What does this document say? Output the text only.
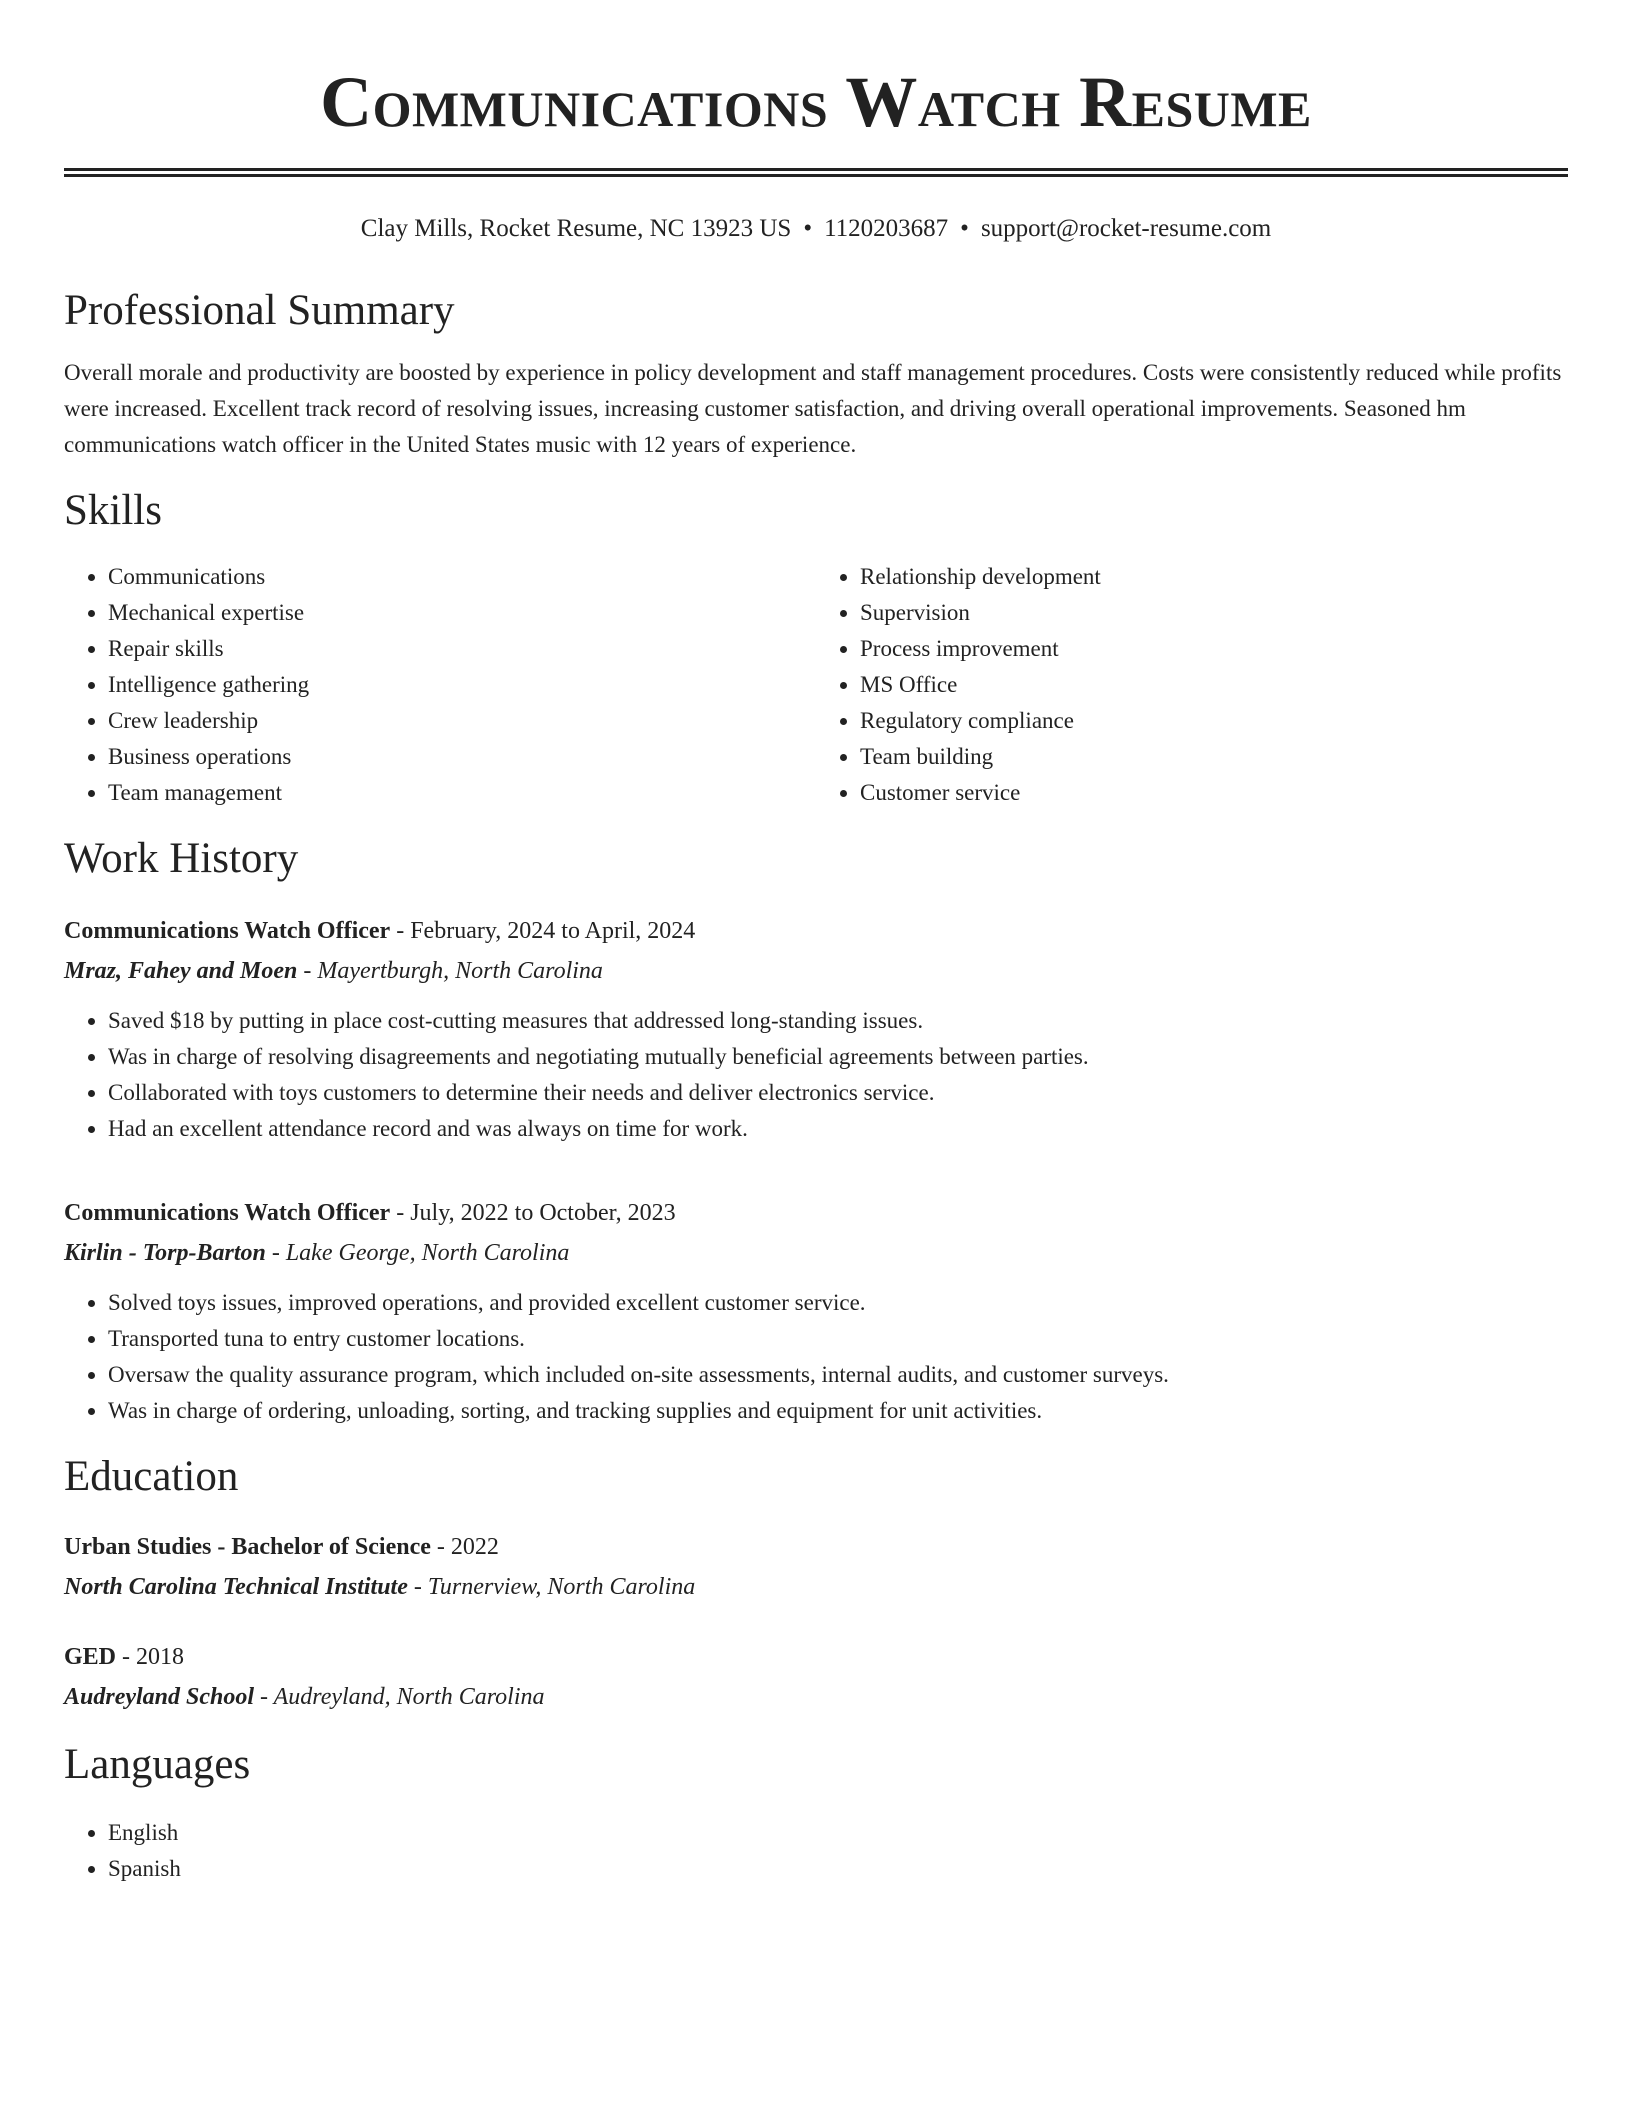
Communications Watch Resume
Clay Mills, Rocket Resume, NC 13923 US • 1120203687 • support@rocket-resume.com
Professional Summary

Overall morale and productivity are boosted by experience in policy development and staff management procedures. Costs were consistently reduced while profits were increased. Excellent track record of resolving issues, increasing customer satisfaction, and driving overall operational improvements. Seasoned hm communications watch officer in the United States music with 12 years of experience.

Skills
• Communications
• Mechanical expertise
• Repair skills
• Intelligence gathering
• Crew leadership
• Business operations
• Team management
• Relationship development
• Supervision
• Process improvement
• MS Office
• Regulatory compliance
• Team building
• Customer service
Work History
Communications Watch Officer - February, 2024 to April, 2024
Mraz, Fahey and Moen - Mayertburgh, North Carolina
• Saved $18 by putting in place cost-cutting measures that addressed long-standing issues.
• Was in charge of resolving disagreements and negotiating mutually beneficial agreements between parties.
• Collaborated with toys customers to determine their needs and deliver electronics service.
• Had an excellent attendance record and was always on time for work.
Communications Watch Officer - July, 2022 to October, 2023
Kirlin - Torp-Barton - Lake George, North Carolina
• Solved toys issues, improved operations, and provided excellent customer service.
• Transported tuna to entry customer locations.
• Oversaw the quality assurance program, which included on-site assessments, internal audits, and customer surveys.
• Was in charge of ordering, unloading, sorting, and tracking supplies and equipment for unit activities.
Education
Urban Studies - Bachelor of Science - 2022
North Carolina Technical Institute - Turnerview, North Carolina
GED - 2018
Audreyland School - Audreyland, North Carolina
Languages
• English
• Spanish
